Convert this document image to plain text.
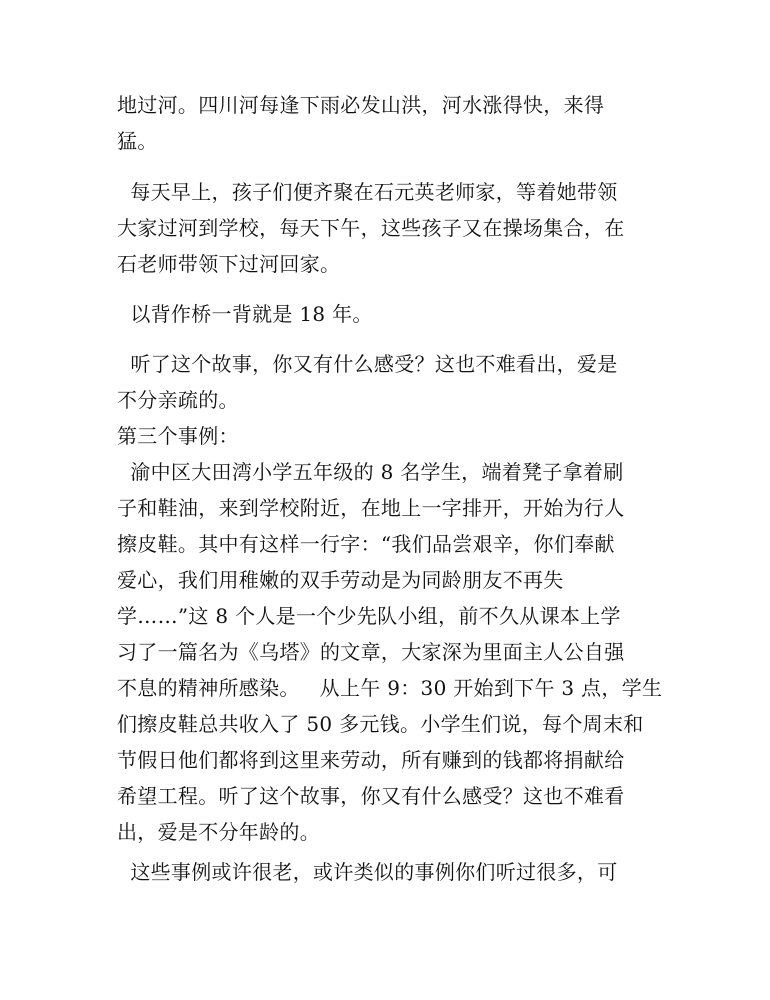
地过河。四川河每逢下雨必发山洪，河水涨得快，来得
猛。
每天早上，孩子们便齐聚在石元英老师家，等着她带领
大家过河到学校，每天下午，这些孩子又在操场集合，在
石老师带领下过河回家。
以背作桥一背就是 18 年。
听了这个故事，你又有什么感受？这也不难看出，爱是
不分亲疏的。
第三个事例：
渝中区大田湾小学五年级的 8 名学生，端着凳子拿着刷
子和鞋油，来到学校附近，在地上一字排开，开始为行人
擦皮鞋。其中有这样一行字：“我们品尝艰辛，你们奉献
爱心，我们用稚嫩的双手劳动是为同龄朋友不再失
学……”这 8 个人是一个少先队小组，前不久从课本上学
习了一篇名为《乌塔》的文章，大家深为里面主人公自强
不息的精神所感染。   从上午 9：30 开始到下午 3 点，学生
们擦皮鞋总共收入了 50 多元钱。小学生们说，每个周末和
节假日他们都将到这里来劳动，所有赚到的钱都将捐献给
希望工程。听了这个故事，你又有什么感受？这也不难看
出，爱是不分年龄的。
这些事例或许很老，或许类似的事例你们听过很多，可
